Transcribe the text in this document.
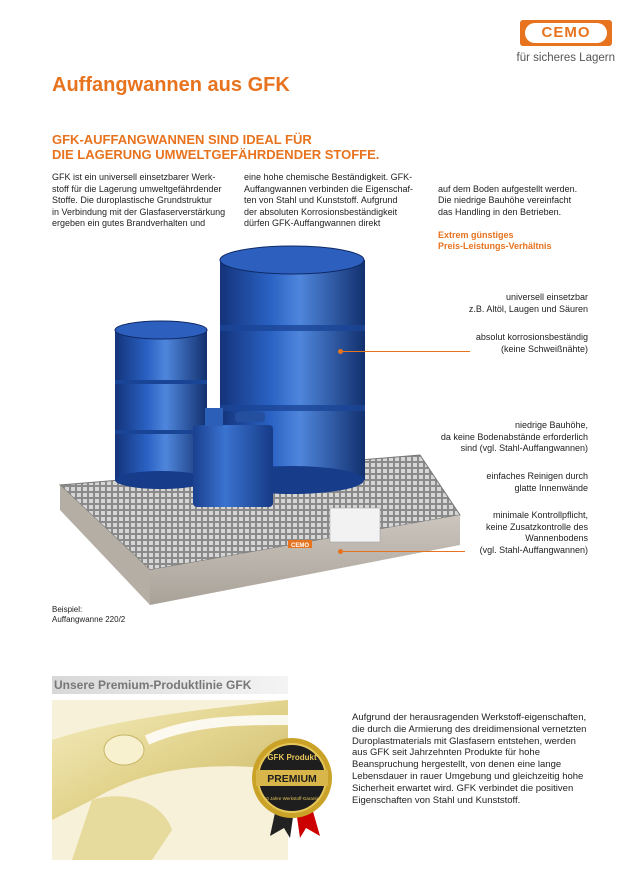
CEMO
für sicheres Lagern
Auffangwannen aus GFK
GFK-AUFFANGWANNEN SIND IDEAL FÜR
DIE LAGERUNG UMWELTGEFÄHRDENDER STOFFE.
GFK ist ein universell einsetzbarer Werk-
stoff für die Lagerung umweltgefährdender
Stoffe. Die duroplastische Grundstruktur
in Verbindung mit der Glasfaserverstärkung
ergeben ein gutes Brandverhalten und
eine hohe chemische Beständigkeit. GFK-
Auffangwannen verbinden die Eigenschaf-
ten von Stahl und Kunststoff. Aufgrund
der absoluten Korrosionsbeständigkeit
dürfen GFK-Auffangwannen direkt

auf dem Boden aufgestellt werden.
Die niedrige Bauhöhe vereinfacht
das Handling in den Betrieben.

Extrem günstiges
Preis-Leistungs-Verhältnis

CEMO
universell einsetzbar
z.B. Altöl, Laugen und Säuren
absolut korrosionsbeständig
(keine Schweißnähte)
niedrige Bauhöhe,
da keine Bodenabstände erforderlich
sind (vgl. Stahl-Auffangwannen)
einfaches Reinigen durch
glatte Innenwände
minimale Kontrollpflicht,
keine Zusatzkontrolle des
Wannenbodens
(vgl. Stahl-Auffangwannen)
Beispiel:
Auffangwanne 220/2
Unsere Premium-Produktlinie GFK
GFK Produkt
PREMIUM
10 Jahre Werkstoff-Garantie
Aufgrund der herausragenden Werkstoff-eigenschaften, die durch die Armierung des dreidimensional vernetzten Duroplastmaterials mit Glasfasern entstehen, werden aus GFK seit Jahrzehnten Produkte für hohe Beanspruchung hergestellt, von denen eine lange Lebensdauer in rauer Umgebung und gleichzeitig hohe Sicherheit erwartet wird. GFK verbindet die positiven Eigenschaften von Stahl und Kunststoff.
